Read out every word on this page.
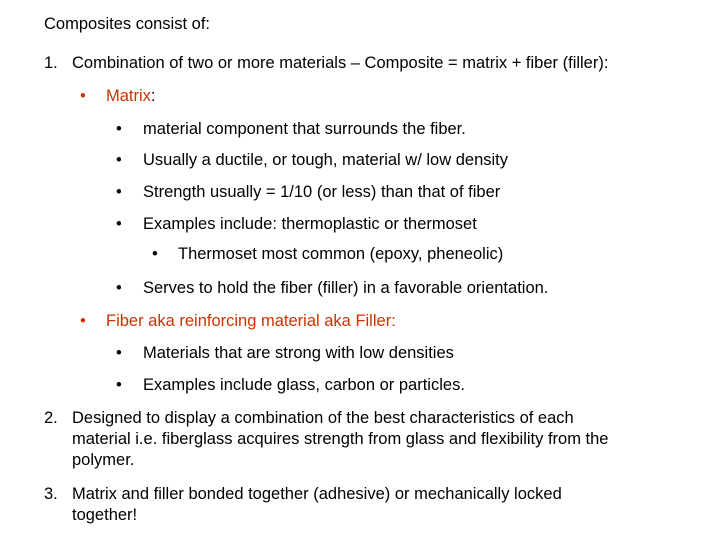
Composites consist of:
1. Combination of two or more materials – Composite = matrix + fiber (filler):
• Matrix:
• material component that surrounds the fiber.
• Usually a ductile, or tough, material w/ low density
• Strength usually = 1/10 (or less) than that of fiber
• Examples include: thermoplastic or thermoset
• Thermoset most common (epoxy, pheneolic)
• Serves to hold the fiber (filler) in a favorable orientation.
• Fiber aka reinforcing material aka Filler:
• Materials that are strong with low densities
• Examples include glass, carbon or particles.
2. Designed to display a combination of the best characteristics of each
material i.e. fiberglass acquires strength from glass and flexibility from the
polymer.
3. Matrix and filler bonded together (adhesive) or mechanically locked
together!
